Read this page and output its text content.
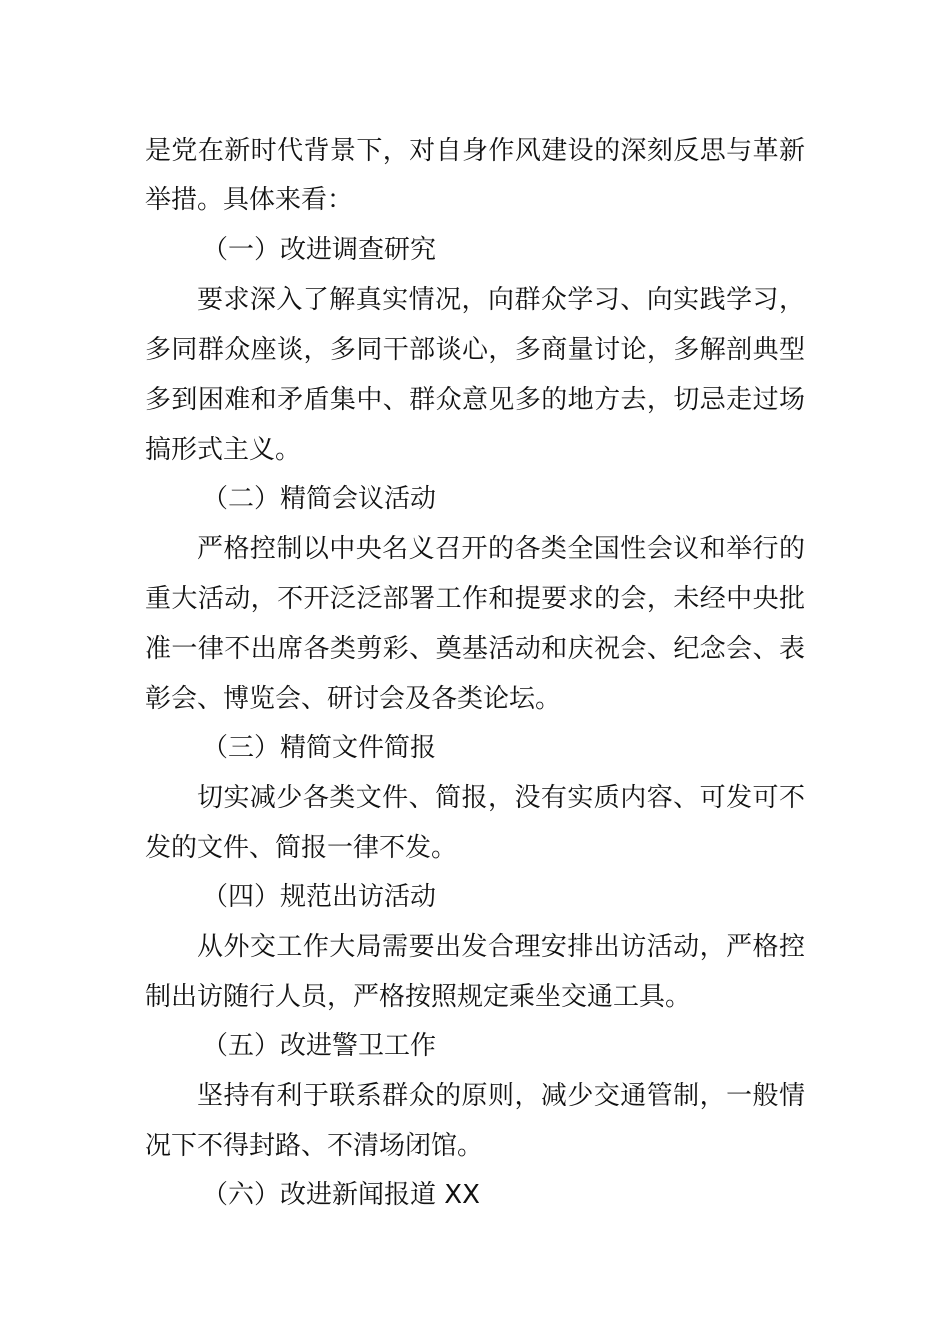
是党在新时代背景下，对自身作风建设的深刻反思与革新
举措。具体来看：
（一）改进调查研究
要求深入了解真实情况，向群众学习、向实践学习，
多同群众座谈，多同干部谈心，多商量讨论，多解剖典型
多到困难和矛盾集中、群众意见多的地方去，切忌走过场
搞形式主义。
（二）精简会议活动
严格控制以中央名义召开的各类全国性会议和举行的
重大活动，不开泛泛部署工作和提要求的会，未经中央批
准一律不出席各类剪彩、奠基活动和庆祝会、纪念会、表
彰会、博览会、研讨会及各类论坛。
（三）精简文件简报
切实减少各类文件、简报，没有实质内容、可发可不
发的文件、简报一律不发。
（四）规范出访活动
从外交工作大局需要出发合理安排出访活动，严格控
制出访随行人员，严格按照规定乘坐交通工具。
（五）改进警卫工作
坚持有利于联系群众的原则，减少交通管制，一般情
况下不得封路、不清场闭馆。
（六）改进新闻报道 XX
